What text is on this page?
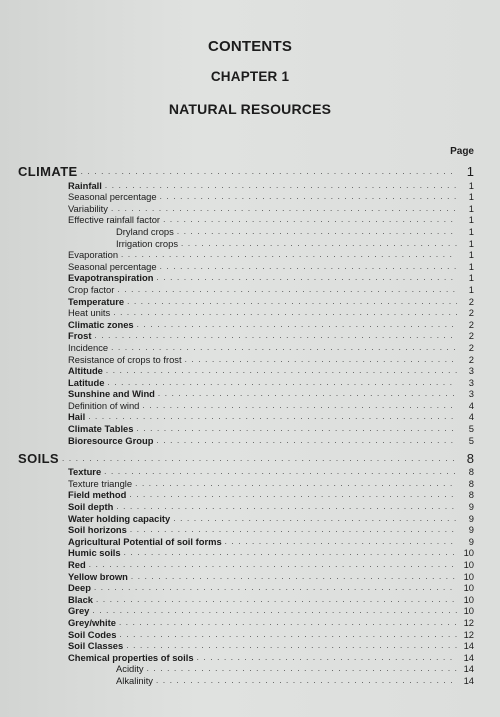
CONTENTS
CHAPTER 1
NATURAL RESOURCES
Page
CLIMATE . . .	1
Rainfall . . .	1
Seasonal percentage . . .	1
Variability . . .	1
Effective rainfall factor . . .	1
Dryland crops . . .	1
Irrigation crops . . .	1
Evaporation . . .	1
Seasonal percentage . . .	1
Evapotranspiration . . .	1
Crop factor . . .	1
Temperature . . .	2
Heat units . . .	2
Climatic zones . . .	2
Frost . . .	2
Incidence . . .	2
Resistance of crops to frost . . .	2
Altitude . . .	3
Latitude . . .	3
Sunshine and Wind . . .	3
Definition of wind . . .	4
Hail . . .	4
Climate Tables . . .	5
Bioresource Group . . .	5
SOILS . . .	8
Texture . . .	8
Texture triangle . . .	8
Field method . . .	8
Soil depth . . .	9
Water holding capacity . . .	9
Soil horizons . . .	9
Agricultural Potential of soil forms . . .	9
Humic soils . . .	10
Red . . .	10
Yellow brown . . .	10
Deep . . .	10
Black . . .	10
Grey . . .	10
Grey/white . . .	12
Soil Codes . . .	12
Soil Classes . . .	14
Chemical properties of soils . . .	14
Acidity . . .	14
Alkalinity . . .	14
